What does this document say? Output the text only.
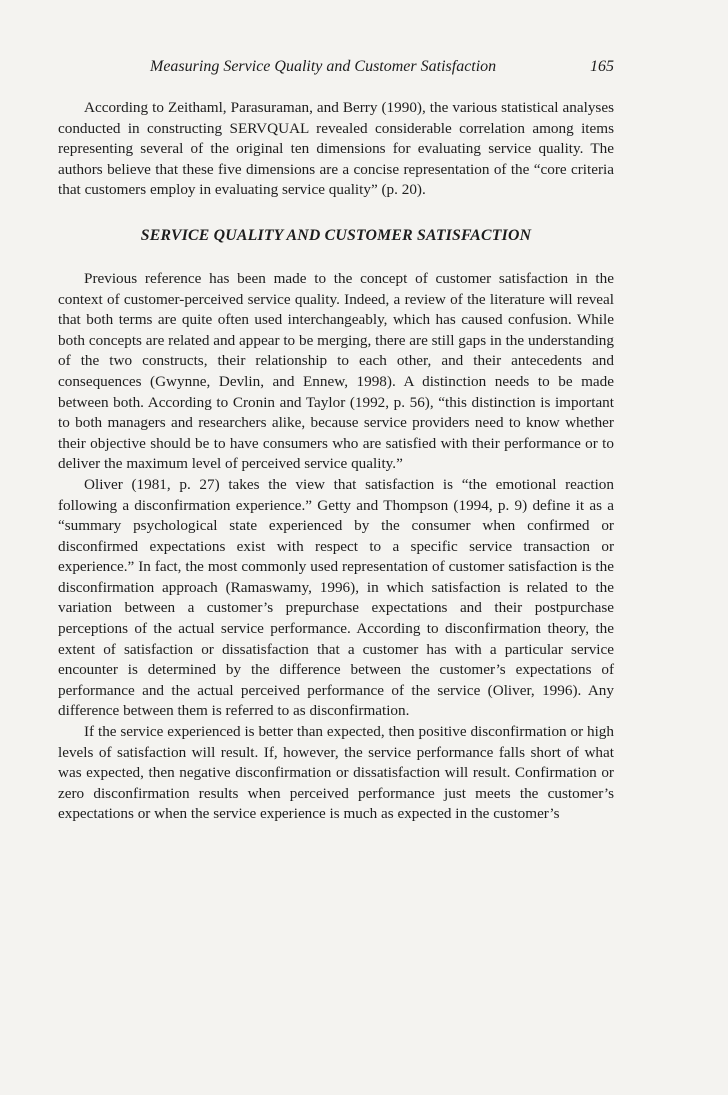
Measuring Service Quality and Customer Satisfaction	165

According to Zeithaml, Parasuraman, and Berry (1990), the various statistical analyses conducted in constructing SERVQUAL revealed considerable correlation among items representing several of the original ten dimensions for evaluating service quality. The authors believe that these five dimensions are a concise representation of the “core criteria that customers employ in evaluating service quality” (p. 20).

SERVICE QUALITY AND CUSTOMER SATISFACTION

Previous reference has been made to the concept of customer satisfaction in the context of customer-perceived service quality. Indeed, a review of the literature will reveal that both terms are quite often used interchangeably, which has caused confusion. While both concepts are related and appear to be merging, there are still gaps in the understanding of the two constructs, their relationship to each other, and their antecedents and consequences (Gwynne, Devlin, and Ennew, 1998). A distinction needs to be made between both. According to Cronin and Taylor (1992, p. 56), “this distinction is important to both managers and researchers alike, because service providers need to know whether their objective should be to have consumers who are satisfied with their performance or to deliver the maximum level of perceived service quality.”

Oliver (1981, p. 27) takes the view that satisfaction is “the emotional reaction following a disconfirmation experience.” Getty and Thompson (1994, p. 9) define it as a “summary psychological state experienced by the consumer when confirmed or disconfirmed expectations exist with respect to a specific service transaction or experience.” In fact, the most commonly used representation of customer satisfaction is the disconfirmation approach (Ramaswamy, 1996), in which satisfaction is related to the variation between a customer’s prepurchase expectations and their postpurchase perceptions of the actual service performance. According to disconfirmation theory, the extent of satisfaction or dissatisfaction that a customer has with a particular service encounter is determined by the difference between the customer’s expectations of performance and the actual perceived performance of the service (Oliver, 1996). Any difference between them is referred to as disconfirmation.

If the service experienced is better than expected, then positive disconfirmation or high levels of satisfaction will result. If, however, the service performance falls short of what was expected, then negative disconfirmation or dissatisfaction will result. Confirmation or zero disconfirmation results when perceived performance just meets the customer’s expectations or when the service experience is much as expected in the customer’s
